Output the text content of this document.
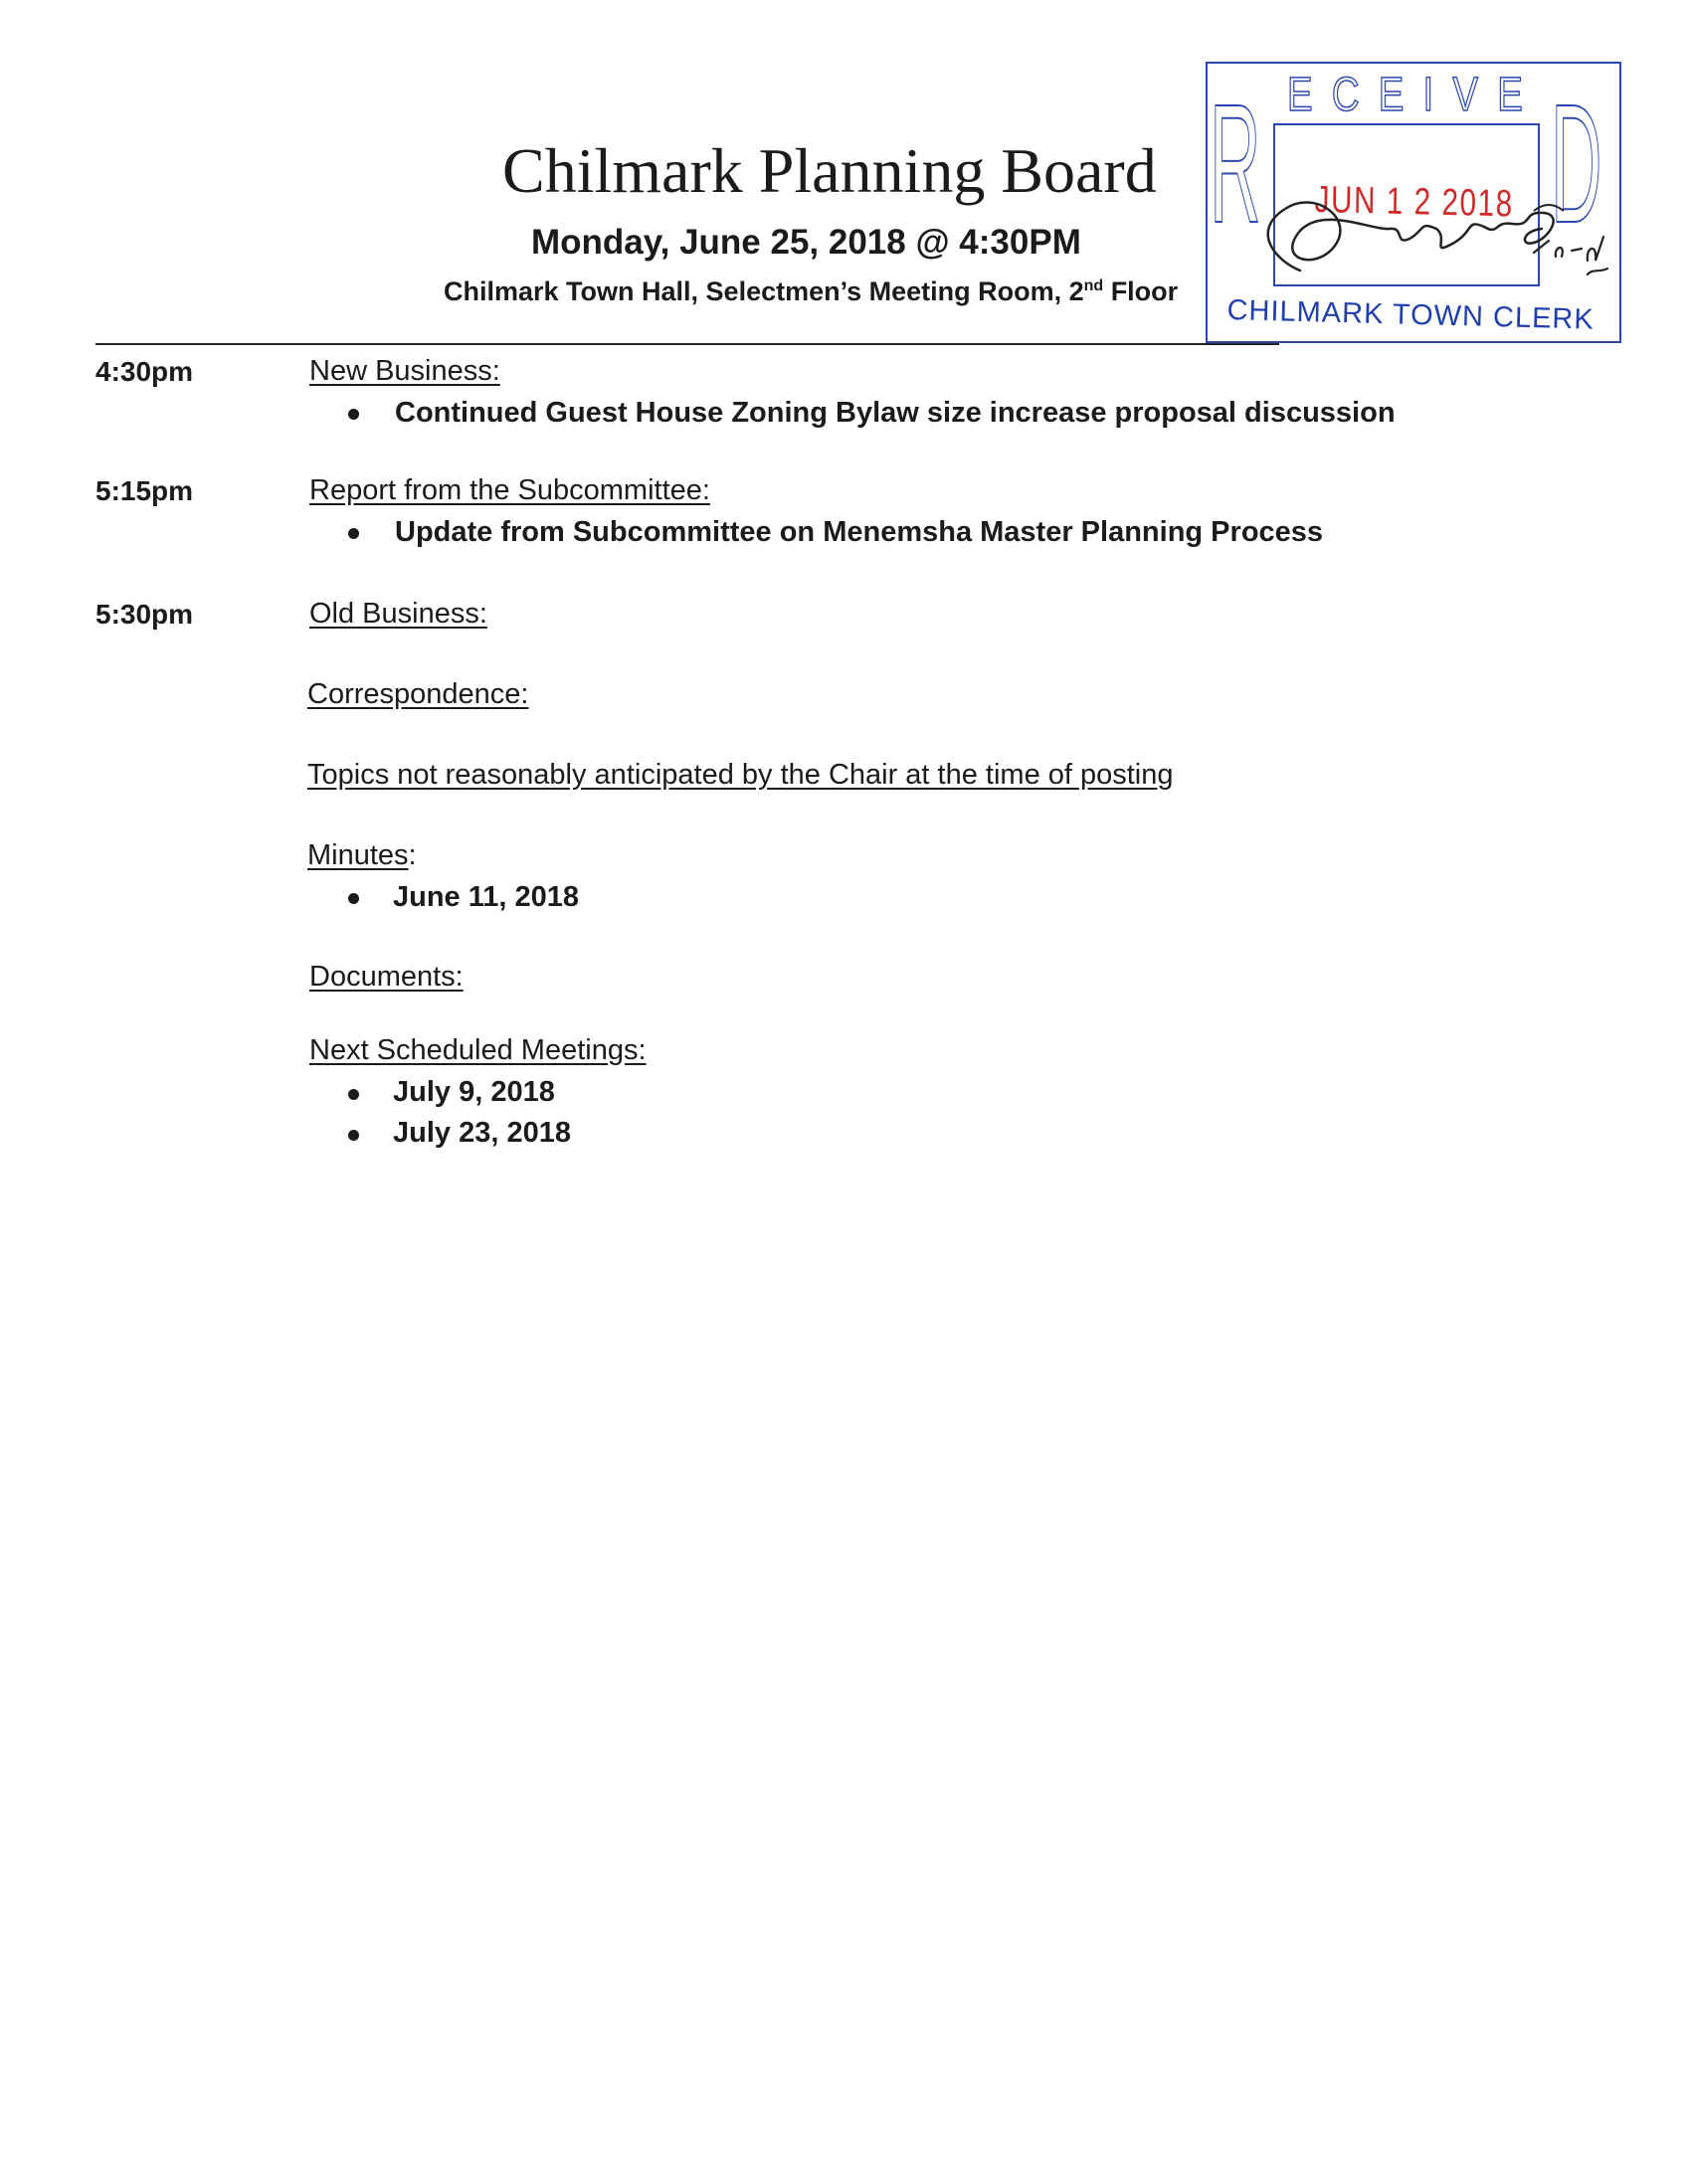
Chilmark Planning Board
Monday, June 25, 2018 @ 4:30PM
Chilmark Town Hall, Selectmen’s Meeting Room, 2nd Floor
R ECEIVE D
JUN 1 2 2018
CHILMARK TOWN CLERK
4:30pm	New Business:
Continued Guest House Zoning Bylaw size increase proposal discussion
5:15pm	Report from the Subcommittee:
Update from Subcommittee on Menemsha Master Planning Process
5:30pm	Old Business:
Correspondence:
Topics not reasonably anticipated by the Chair at the time of posting
Minutes:
June 11, 2018
Documents:
Next Scheduled Meetings:
July 9, 2018
July 23, 2018
